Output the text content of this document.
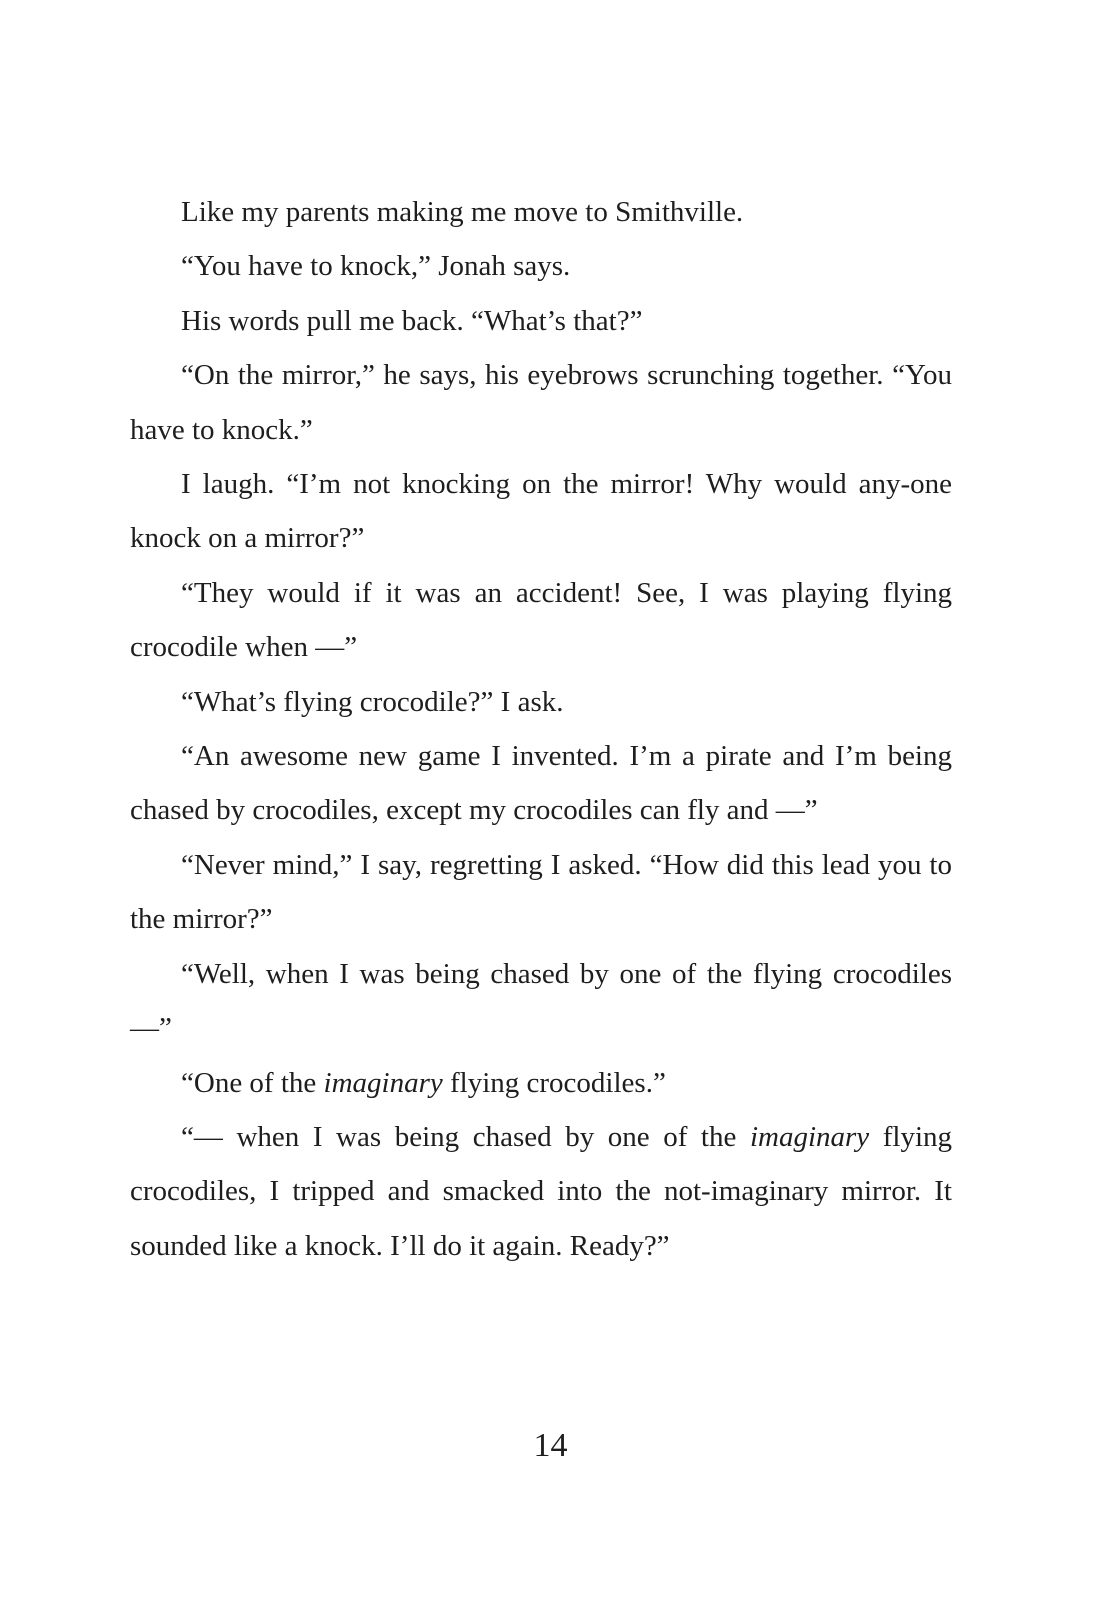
Like my parents making me move to Smithville.

“You have to knock,” Jonah says.

His words pull me back. “What’s that?”

“On the mirror,” he says, his eyebrows scrunching together. “You have to knock.”

I laugh. “I’m not knocking on the mirror! Why would any-one knock on a mirror?”

“They would if it was an accident! See, I was playing flying crocodile when —”

“What’s flying crocodile?” I ask.

“An awesome new game I invented. I’m a pirate and I’m being chased by crocodiles, except my crocodiles can fly and —”

“Never mind,” I say, regretting I asked. “How did this lead you to the mirror?”

“Well, when I was being chased by one of the flying crocodiles —”

“One of the imaginary flying crocodiles.”

“— when I was being chased by one of the imaginary flying crocodiles, I tripped and smacked into the not-imaginary mirror. It sounded like a knock. I’ll do it again. Ready?”

14
